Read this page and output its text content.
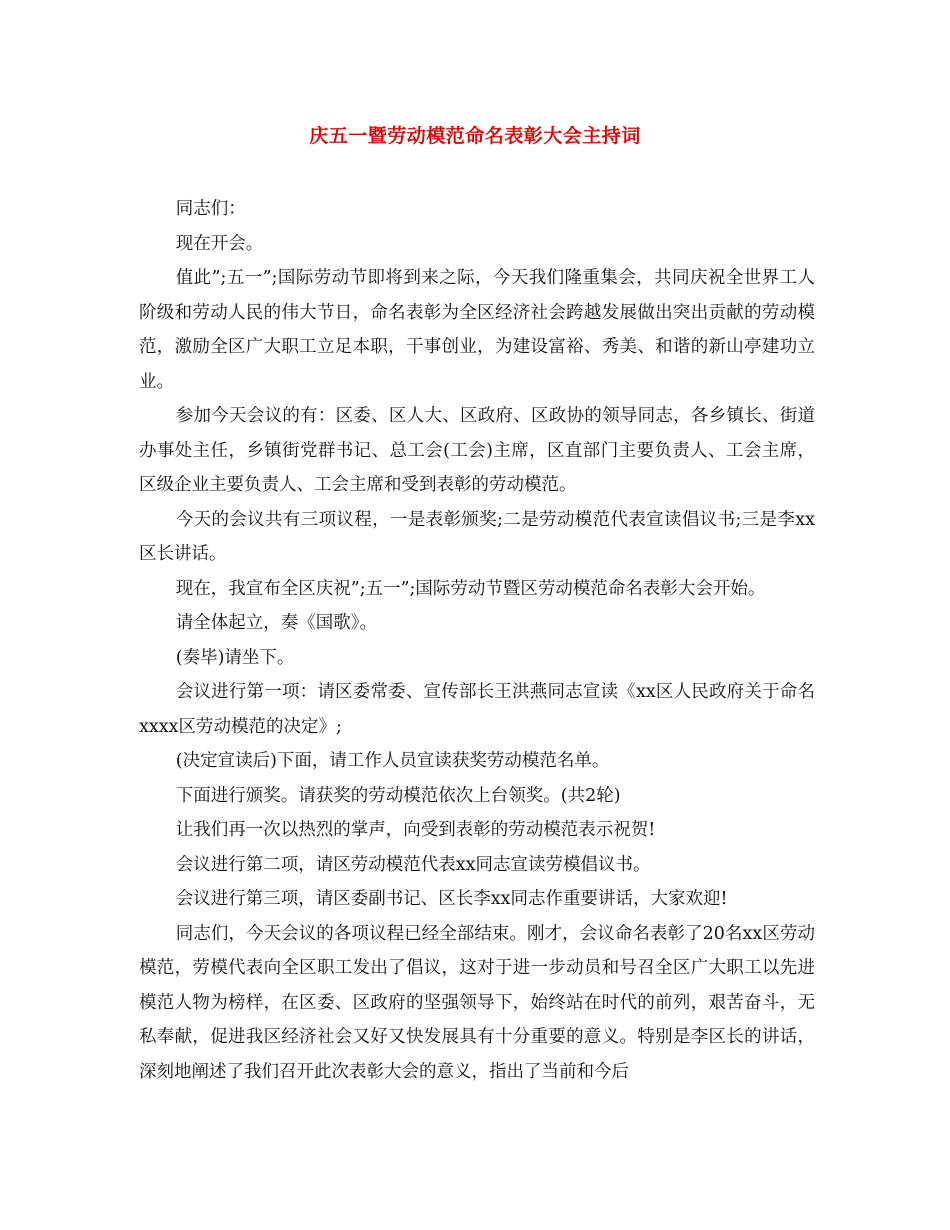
庆五一暨劳动模范命名表彰大会主持词

同志们：

现在开会。

值此”;五一”;国际劳动节即将到来之际，今天我们隆重集会，共同庆祝全世界工人阶级和劳动人民的伟大节日，命名表彰为全区经济社会跨越发展做出突出贡献的劳动模范，激励全区广大职工立足本职，干事创业，为建设富裕、秀美、和谐的新山亭建功立业。

参加今天会议的有：区委、区人大、区政府、区政协的领导同志，各乡镇长、街道办事处主任，乡镇街党群书记、总工会(工会)主席，区直部门主要负责人、工会主席，区级企业主要负责人、工会主席和受到表彰的劳动模范。

今天的会议共有三项议程，一是表彰颁奖;二是劳动模范代表宣读倡议书;三是李xx区长讲话。

现在，我宣布全区庆祝”;五一”;国际劳动节暨区劳动模范命名表彰大会开始。

请全体起立，奏《国歌》。

(奏毕)请坐下。

会议进行第一项：请区委常委、宣传部长王洪燕同志宣读《xx区人民政府关于命名xxxx区劳动模范的决定》;

(决定宣读后)下面，请工作人员宣读获奖劳动模范名单。

下面进行颁奖。请获奖的劳动模范依次上台领奖。(共2轮)

让我们再一次以热烈的掌声，向受到表彰的劳动模范表示祝贺!

会议进行第二项，请区劳动模范代表xx同志宣读劳模倡议书。

会议进行第三项，请区委副书记、区长李xx同志作重要讲话，大家欢迎!

同志们，今天会议的各项议程已经全部结束。刚才，会议命名表彰了20名xx区劳动模范，劳模代表向全区职工发出了倡议，这对于进一步动员和号召全区广大职工以先进模范人物为榜样，在区委、区政府的坚强领导下，始终站在时代的前列，艰苦奋斗，无私奉献，促进我区经济社会又好又快发展具有十分重要的意义。特别是李区长的讲话，深刻地阐述了我们召开此次表彰大会的意义，指出了当前和今后
